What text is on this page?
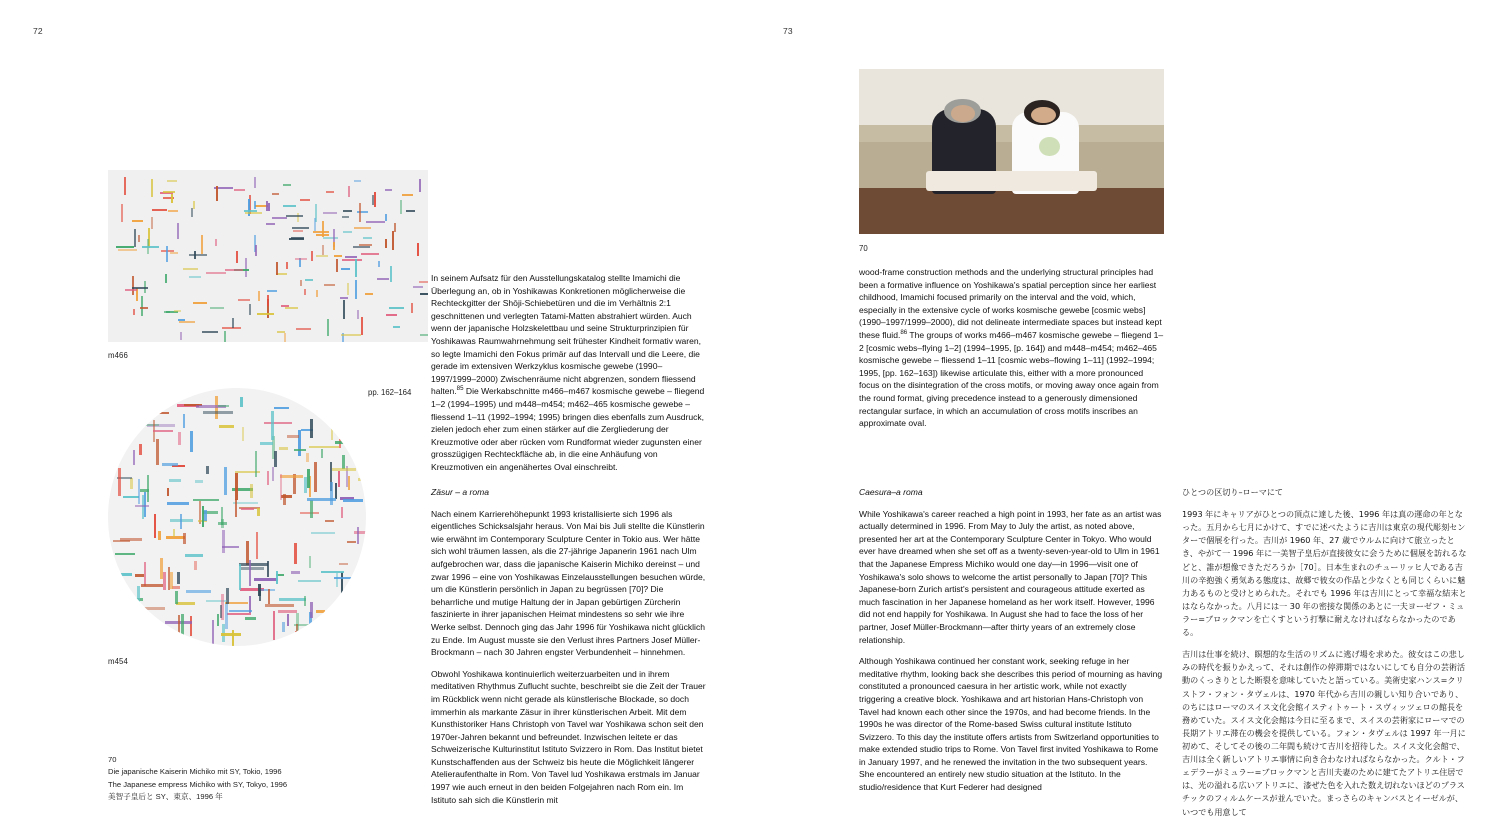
72	73
m466
m454
pp. 162–164
70
Die japanische Kaiserin Michiko mit SY, Tokio, 1996
The Japanese empress Michiko with SY, Tokyo, 1996
美智子皇后と SY、東京、1996 年

In seinem Aufsatz für den Ausstellungskatalog stellte Imamichi die Überlegung an, ob in Yoshikawas Konkretionen möglicherweise die Rechteckgitter der Shōji-Schiebetüren und die im Verhältnis 2:1 geschnittenen und verlegten Tatami-Matten abstrahiert würden. Auch wenn der japanische Holzskelettbau und seine Strukturprinzipien für Yoshikawas Raumwahrnehmung seit frühester Kindheit formativ waren, so legte Imamichi den Fokus primär auf das Intervall und die Leere, die gerade im extensiven Werkzyklus kosmische gewebe (1990–1997/1999–2000) Zwischenräume nicht abgrenzen, sondern fliessend halten.$^{85}$ Die Werkabschnitte m466–m467 kosmische gewebe – fliegend 1–2 (1994–1995) und m448–m454; m462–465 kosmische gewebe – fliessend 1–11 (1992–1994; 1995) bringen dies ebenfalls zum Ausdruck, zielen jedoch eher zum einen stärker auf die Zergliederung der Kreuzmotive oder aber rücken vom Rundformat wieder zugunsten einer grosszügigen Rechteckfläche ab, in die eine Anhäufung von Kreuzmotiven ein angenähertes Oval einschreibt.

Zäsur – a roma

Nach einem Karrierehöhepunkt 1993 kristallisierte sich 1996 als eigentliches Schicksalsjahr heraus. Von Mai bis Juli stellte die Künstlerin wie erwähnt im Contemporary Sculpture Center in Tokio aus. Wer hätte sich wohl träumen lassen, als die 27-jährige Japanerin 1961 nach Ulm aufgebrochen war, dass die japanische Kaiserin Michiko dereinst – und zwar 1996 – eine von Yoshikawas Einzelausstellungen besuchen würde, um die Künstlerin persönlich in Japan zu begrüssen [70]? Die beharrliche und mutige Haltung der in Japan gebürtigen Zürcherin faszinierte in ihrer japanischen Heimat mindestens so sehr wie ihre Werke selbst. Dennoch ging das Jahr 1996 für Yoshikawa nicht glücklich zu Ende. Im August musste sie den Verlust ihres Partners Josef Müller-Brockmann – nach 30 Jahren engster Verbundenheit – hinnehmen.

Obwohl Yoshikawa kontinuierlich weiterzuarbeiten und in ihrem meditativen Rhythmus Zuflucht suchte, beschreibt sie die Zeit der Trauer im Rückblick wenn nicht gerade als künstlerische Blockade, so doch immerhin als markante Zäsur in ihrer künstlerischen Arbeit. Mit dem Kunsthistoriker Hans Christoph von Tavel war Yoshikawa schon seit den 1970er-Jahren bekannt und befreundet. Inzwischen leitete er das Schweizerische Kulturinstitut Istituto Svizzero in Rom. Das Institut bietet Kunstschaffenden aus der Schweiz bis heute die Möglichkeit längerer Atelieraufenthalte in Rom. Von Tavel lud Yoshikawa erstmals im Januar 1997 wie auch erneut in den beiden Folgejahren nach Rom ein. Im Istituto sah sich die Künstlerin mit

70

wood-frame construction methods and the underlying structural principles had been a formative influence on Yoshikawa's spatial perception since her earliest childhood, Imamichi focused primarily on the interval and the void, which, especially in the extensive cycle of works kosmische gewebe [cosmic webs] (1990–1997/1999–2000), did not delineate intermediate spaces but instead kept these fluid.$^{86}$ The groups of works m466–m467 kosmische gewebe – fliegend 1–2 [cosmic webs–flying 1–2] (1994–1995, [p. 164]) and m448–m454; m462–465 kosmische gewebe – fliessend 1–11 [cosmic webs–flowing 1–11] (1992–1994; 1995, [pp. 162–163]) likewise articulate this, either with a more pronounced focus on the disintegration of the cross motifs, or moving away once again from the round format, giving precedence instead to a generously dimensioned rectangular surface, in which an accumulation of cross motifs inscribes an approximate oval.

Caesura–a roma

While Yoshikawa's career reached a high point in 1993, her fate as an artist was actually determined in 1996. From May to July the artist, as noted above, presented her art at the Contemporary Sculpture Center in Tokyo. Who would ever have dreamed when she set off as a twenty-seven-year-old to Ulm in 1961 that the Japanese Empress Michiko would one day—in 1996—visit one of Yoshikawa's solo shows to welcome the artist personally to Japan [70]? This Japanese-born Zurich artist's persistent and courageous attitude exerted as much fascination in her Japanese homeland as her work itself. However, 1996 did not end happily for Yoshikawa. In August she had to face the loss of her partner, Josef Müller-Brockmann—after thirty years of an extremely close relationship.

Although Yoshikawa continued her constant work, seeking refuge in her meditative rhythm, looking back she describes this period of mourning as having constituted a pronounced caesura in her artistic work, while not exactly triggering a creative block. Yoshikawa and art historian Hans-Christoph von Tavel had known each other since the 1970s, and had become friends. In the 1990s he was director of the Rome-based Swiss cultural institute Istituto Svizzero. To this day the institute offers artists from Switzerland opportunities to make extended studio trips to Rome. Von Tavel first invited Yoshikawa to Rome in January 1997, and he renewed the invitation in the two subsequent years. She encountered an entirely new studio situation at the Istituto. In the studio/residence that Kurt Federer had designed

ひとつの区切り–ローマにて

1993 年にキャリアがひとつの頂点に達した後、1996 年は真の運命の年となった。五月から七月にかけて、すでに述べたように吉川は東京の現代彫刻センターで個展を行った。吉川が 1960 年、27 歳でウルムに向けて旅立ったとき、やがて一 1996 年に一美智子皇后が直接彼女に会うために個展を訪れるなどと、誰が想像できただろうか［70］。日本生まれのチューリッヒ人である吉川の辛抱強く勇気ある態度は、故郷で彼女の作品と少なくとも同じくらいに魅力あるものと受けとめられた。それでも 1996 年は吉川にとって幸福な結末とはならなかった。八月には一 30 年の密接な関係のあとに一夫ヨーゼフ・ミュラー=ブロックマンを亡くすという打撃に耐えなければならなかったのである。

吉川は仕事を続け、瞑想的な生活のリズムに逃げ場を求めた。彼女はこの悲しみの時代を振りかえって、それは創作の停滞期ではないにしても自分の芸術活動のくっきりとした断裂を意味していたと語っている。美術史家ハンス=クリストフ・フォン・タヴェルは、1970 年代から吉川の親しい知り合いであり、のちにはローマのスイス文化会館イスティトゥート・スヴィッツェロの館長を務めていた。スイス文化会館は今日に至るまで、スイスの芸術家にローマでの長期アトリエ滞在の機会を提供している。フォン・タヴェルは 1997 年一月に初めて、そしてその後の二年間も続けて吉川を招待した。スイス文化会館で、吉川は全く新しいアトリエ事情に向き合わなければならなかった。クルト・フェデラーがミュラー=ブロックマンと吉川夫妻のために建てたアトリエ住居では、光の溢れる広いアトリエに、漆ぜた色を入れた数え切れないほどのプラスチックのフィルムケースが並んでいた。まっさらのキャンバスとイーゼルが、いつでも用意して
